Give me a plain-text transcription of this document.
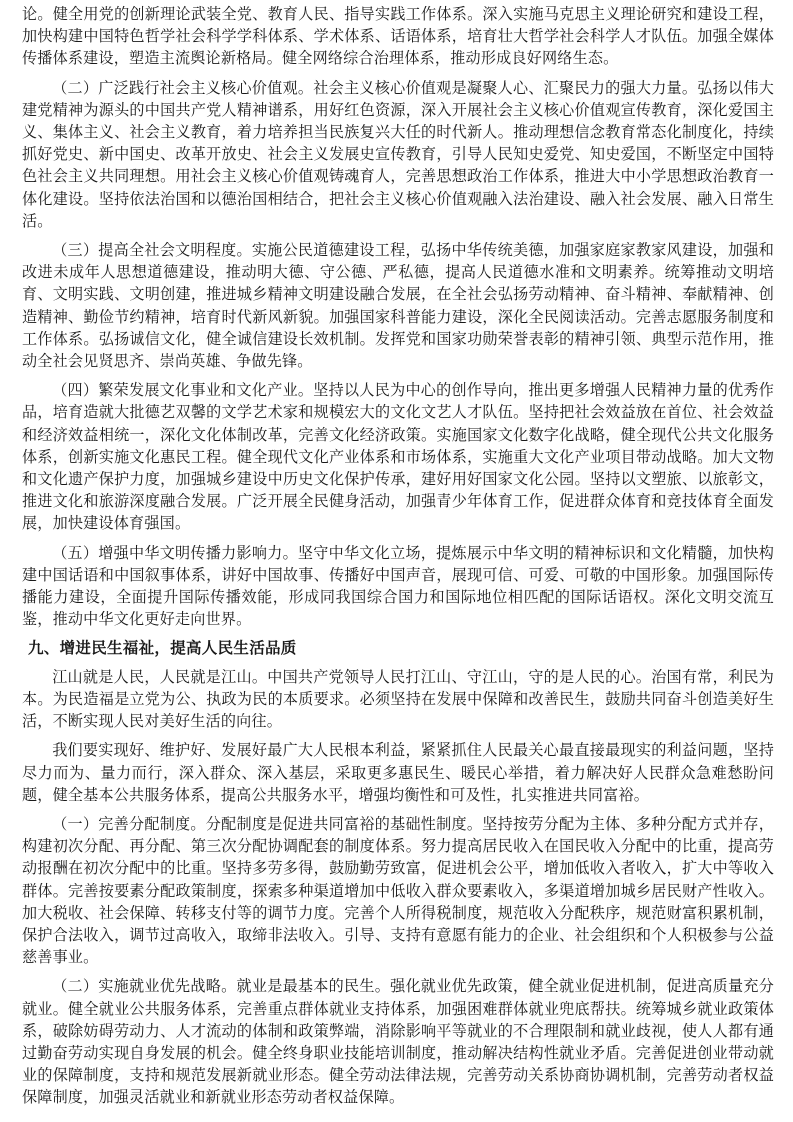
论。健全用党的创新理论武装全党、教育人民、指导实践工作体系。深入实施马克思主义理论研究和建设工程，加快构建中国特色哲学社会科学学科体系、学术体系、话语体系，培育壮大哲学社会科学人才队伍。加强全媒体传播体系建设，塑造主流舆论新格局。健全网络综合治理体系，推动形成良好网络生态。

（二）广泛践行社会主义核心价值观。社会主义核心价值观是凝聚人心、汇聚民力的强大力量。弘扬以伟大建党精神为源头的中国共产党人精神谱系，用好红色资源，深入开展社会主义核心价值观宣传教育，深化爱国主义、集体主义、社会主义教育，着力培养担当民族复兴大任的时代新人。推动理想信念教育常态化制度化，持续抓好党史、新中国史、改革开放史、社会主义发展史宣传教育，引导人民知史爱党、知史爱国，不断坚定中国特色社会主义共同理想。用社会主义核心价值观铸魂育人，完善思想政治工作体系，推进大中小学思想政治教育一体化建设。坚持依法治国和以德治国相结合，把社会主义核心价值观融入法治建设、融入社会发展、融入日常生活。

（三）提高全社会文明程度。实施公民道德建设工程，弘扬中华传统美德，加强家庭家教家风建设，加强和改进未成年人思想道德建设，推动明大德、守公德、严私德，提高人民道德水准和文明素养。统筹推动文明培育、文明实践、文明创建，推进城乡精神文明建设融合发展，在全社会弘扬劳动精神、奋斗精神、奉献精神、创造精神、勤俭节约精神，培育时代新风新貌。加强国家科普能力建设，深化全民阅读活动。完善志愿服务制度和工作体系。弘扬诚信文化，健全诚信建设长效机制。发挥党和国家功勋荣誉表彰的精神引领、典型示范作用，推动全社会见贤思齐、崇尚英雄、争做先锋。

（四）繁荣发展文化事业和文化产业。坚持以人民为中心的创作导向，推出更多增强人民精神力量的优秀作品，培育造就大批德艺双馨的文学艺术家和规模宏大的文化文艺人才队伍。坚持把社会效益放在首位、社会效益和经济效益相统一，深化文化体制改革，完善文化经济政策。实施国家文化数字化战略，健全现代公共文化服务体系，创新实施文化惠民工程。健全现代文化产业体系和市场体系，实施重大文化产业项目带动战略。加大文物和文化遗产保护力度，加强城乡建设中历史文化保护传承，建好用好国家文化公园。坚持以文塑旅、以旅彰文，推进文化和旅游深度融合发展。广泛开展全民健身活动，加强青少年体育工作，促进群众体育和竞技体育全面发展，加快建设体育强国。

（五）增强中华文明传播力影响力。坚守中华文化立场，提炼展示中华文明的精神标识和文化精髓，加快构建中国话语和中国叙事体系，讲好中国故事、传播好中国声音，展现可信、可爱、可敬的中国形象。加强国际传播能力建设，全面提升国际传播效能，形成同我国综合国力和国际地位相匹配的国际话语权。深化文明交流互鉴，推动中华文化更好走向世界。

九、增进民生福祉，提高人民生活品质

江山就是人民，人民就是江山。中国共产党领导人民打江山、守江山，守的是人民的心。治国有常，利民为本。为民造福是立党为公、执政为民的本质要求。必须坚持在发展中保障和改善民生，鼓励共同奋斗创造美好生活，不断实现人民对美好生活的向往。

我们要实现好、维护好、发展好最广大人民根本利益，紧紧抓住人民最关心最直接最现实的利益问题，坚持尽力而为、量力而行，深入群众、深入基层，采取更多惠民生、暖民心举措，着力解决好人民群众急难愁盼问题，健全基本公共服务体系，提高公共服务水平，增强均衡性和可及性，扎实推进共同富裕。

（一）完善分配制度。分配制度是促进共同富裕的基础性制度。坚持按劳分配为主体、多种分配方式并存，构建初次分配、再分配、第三次分配协调配套的制度体系。努力提高居民收入在国民收入分配中的比重，提高劳动报酬在初次分配中的比重。坚持多劳多得，鼓励勤劳致富，促进机会公平，增加低收入者收入，扩大中等收入群体。完善按要素分配政策制度，探索多种渠道增加中低收入群众要素收入，多渠道增加城乡居民财产性收入。加大税收、社会保障、转移支付等的调节力度。完善个人所得税制度，规范收入分配秩序，规范财富积累机制，保护合法收入，调节过高收入，取缔非法收入。引导、支持有意愿有能力的企业、社会组织和个人积极参与公益慈善事业。

（二）实施就业优先战略。就业是最基本的民生。强化就业优先政策，健全就业促进机制，促进高质量充分就业。健全就业公共服务体系，完善重点群体就业支持体系，加强困难群体就业兜底帮扶。统筹城乡就业政策体系，破除妨碍劳动力、人才流动的体制和政策弊端，消除影响平等就业的不合理限制和就业歧视，使人人都有通过勤奋劳动实现自身发展的机会。健全终身职业技能培训制度，推动解决结构性就业矛盾。完善促进创业带动就业的保障制度，支持和规范发展新就业形态。健全劳动法律法规，完善劳动关系协商协调机制，完善劳动者权益保障制度，加强灵活就业和新就业形态劳动者权益保障。
